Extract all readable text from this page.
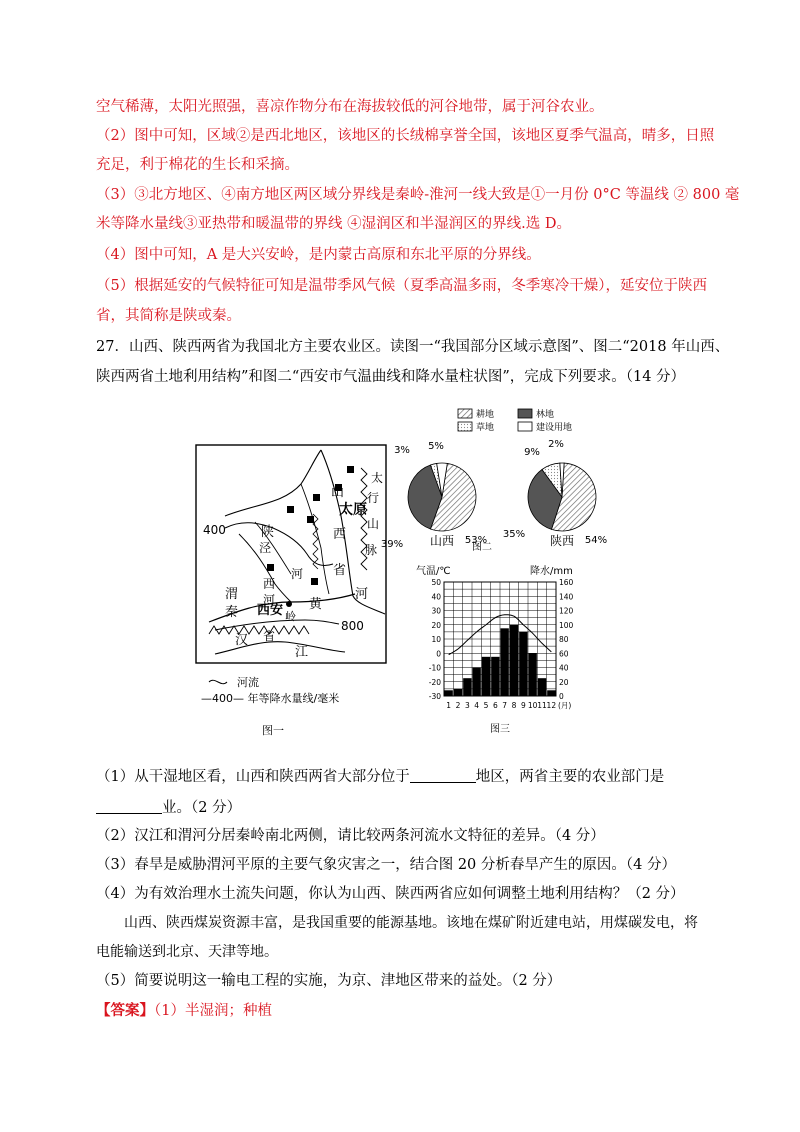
空气稀薄，太阳光照强，喜凉作物分布在海拔较低的河谷地带，属于河谷农业。
（2）图中可知，区域②是西北地区，该地区的长绒棉享誉全国，该地区夏季气温高，晴多，日照
充足，利于棉花的生长和采摘。
（3）③北方地区、④南方地区两区域分界线是秦岭-淮河一线大致是①一月份 0°C 等温线 ② 800 毫
米等降水量线③亚热带和暖温带的界线 ④湿润区和半湿润区的界线.选 D。
（4）图中可知，A 是大兴安岭，是内蒙古高原和东北平原的分界线。
（5）根据延安的气候特征可知是温带季风气候（夏季高温多雨，冬季寒冷干燥），延安位于陕西
省，其简称是陕或秦。
27．山西、陕西两省为我国北方主要农业区。读图一“我国部分区域示意图”、图二“2018 年山西、
陕西两省土地利用结构”和图二“西安市气温曲线和降水量柱状图”，完成下列要求。（14 分）
山
太原
西
省
太
行
山
脉
陕
泾
河
西
河
渭
秦 西安 岭
黄
河
汉
江
省
400
800
河流
—400— 年等降水量线/毫米
图一
耕地	林地
草地	建设用地
53%
39%
3% 5%
山西	54%
35%
9%
2%
陕西
图二
气温/℃	降水/mm
50
40
30
20
10
0
-10
-20
-30
160
140
120
100
80
60
40
20
0
1 2 3 4 5 6 7 8 9 10 11 12 (月)
图三
（1）从干湿地区看，山西和陕西两省大部分位于	地区，两省主要的农业部门是
业。（2 分）
（2）汉江和渭河分居秦岭南北两侧，请比较两条河流水文特征的差异。（4 分）
（3）春旱是威胁渭河平原的主要气象灾害之一，结合图 20 分析春旱产生的原因。（4 分）
（4）为有效治理水土流失问题，你认为山西、陕西两省应如何调整土地利用结构？（2 分）
山西、陕西煤炭资源丰富，是我国重要的能源基地。该地在煤矿附近建电站，用煤碳发电，将
电能输送到北京、天津等地。
（5）简要说明这一输电工程的实施，为京、津地区带来的益处。（2 分）
【答案】（1）半湿润；种植
